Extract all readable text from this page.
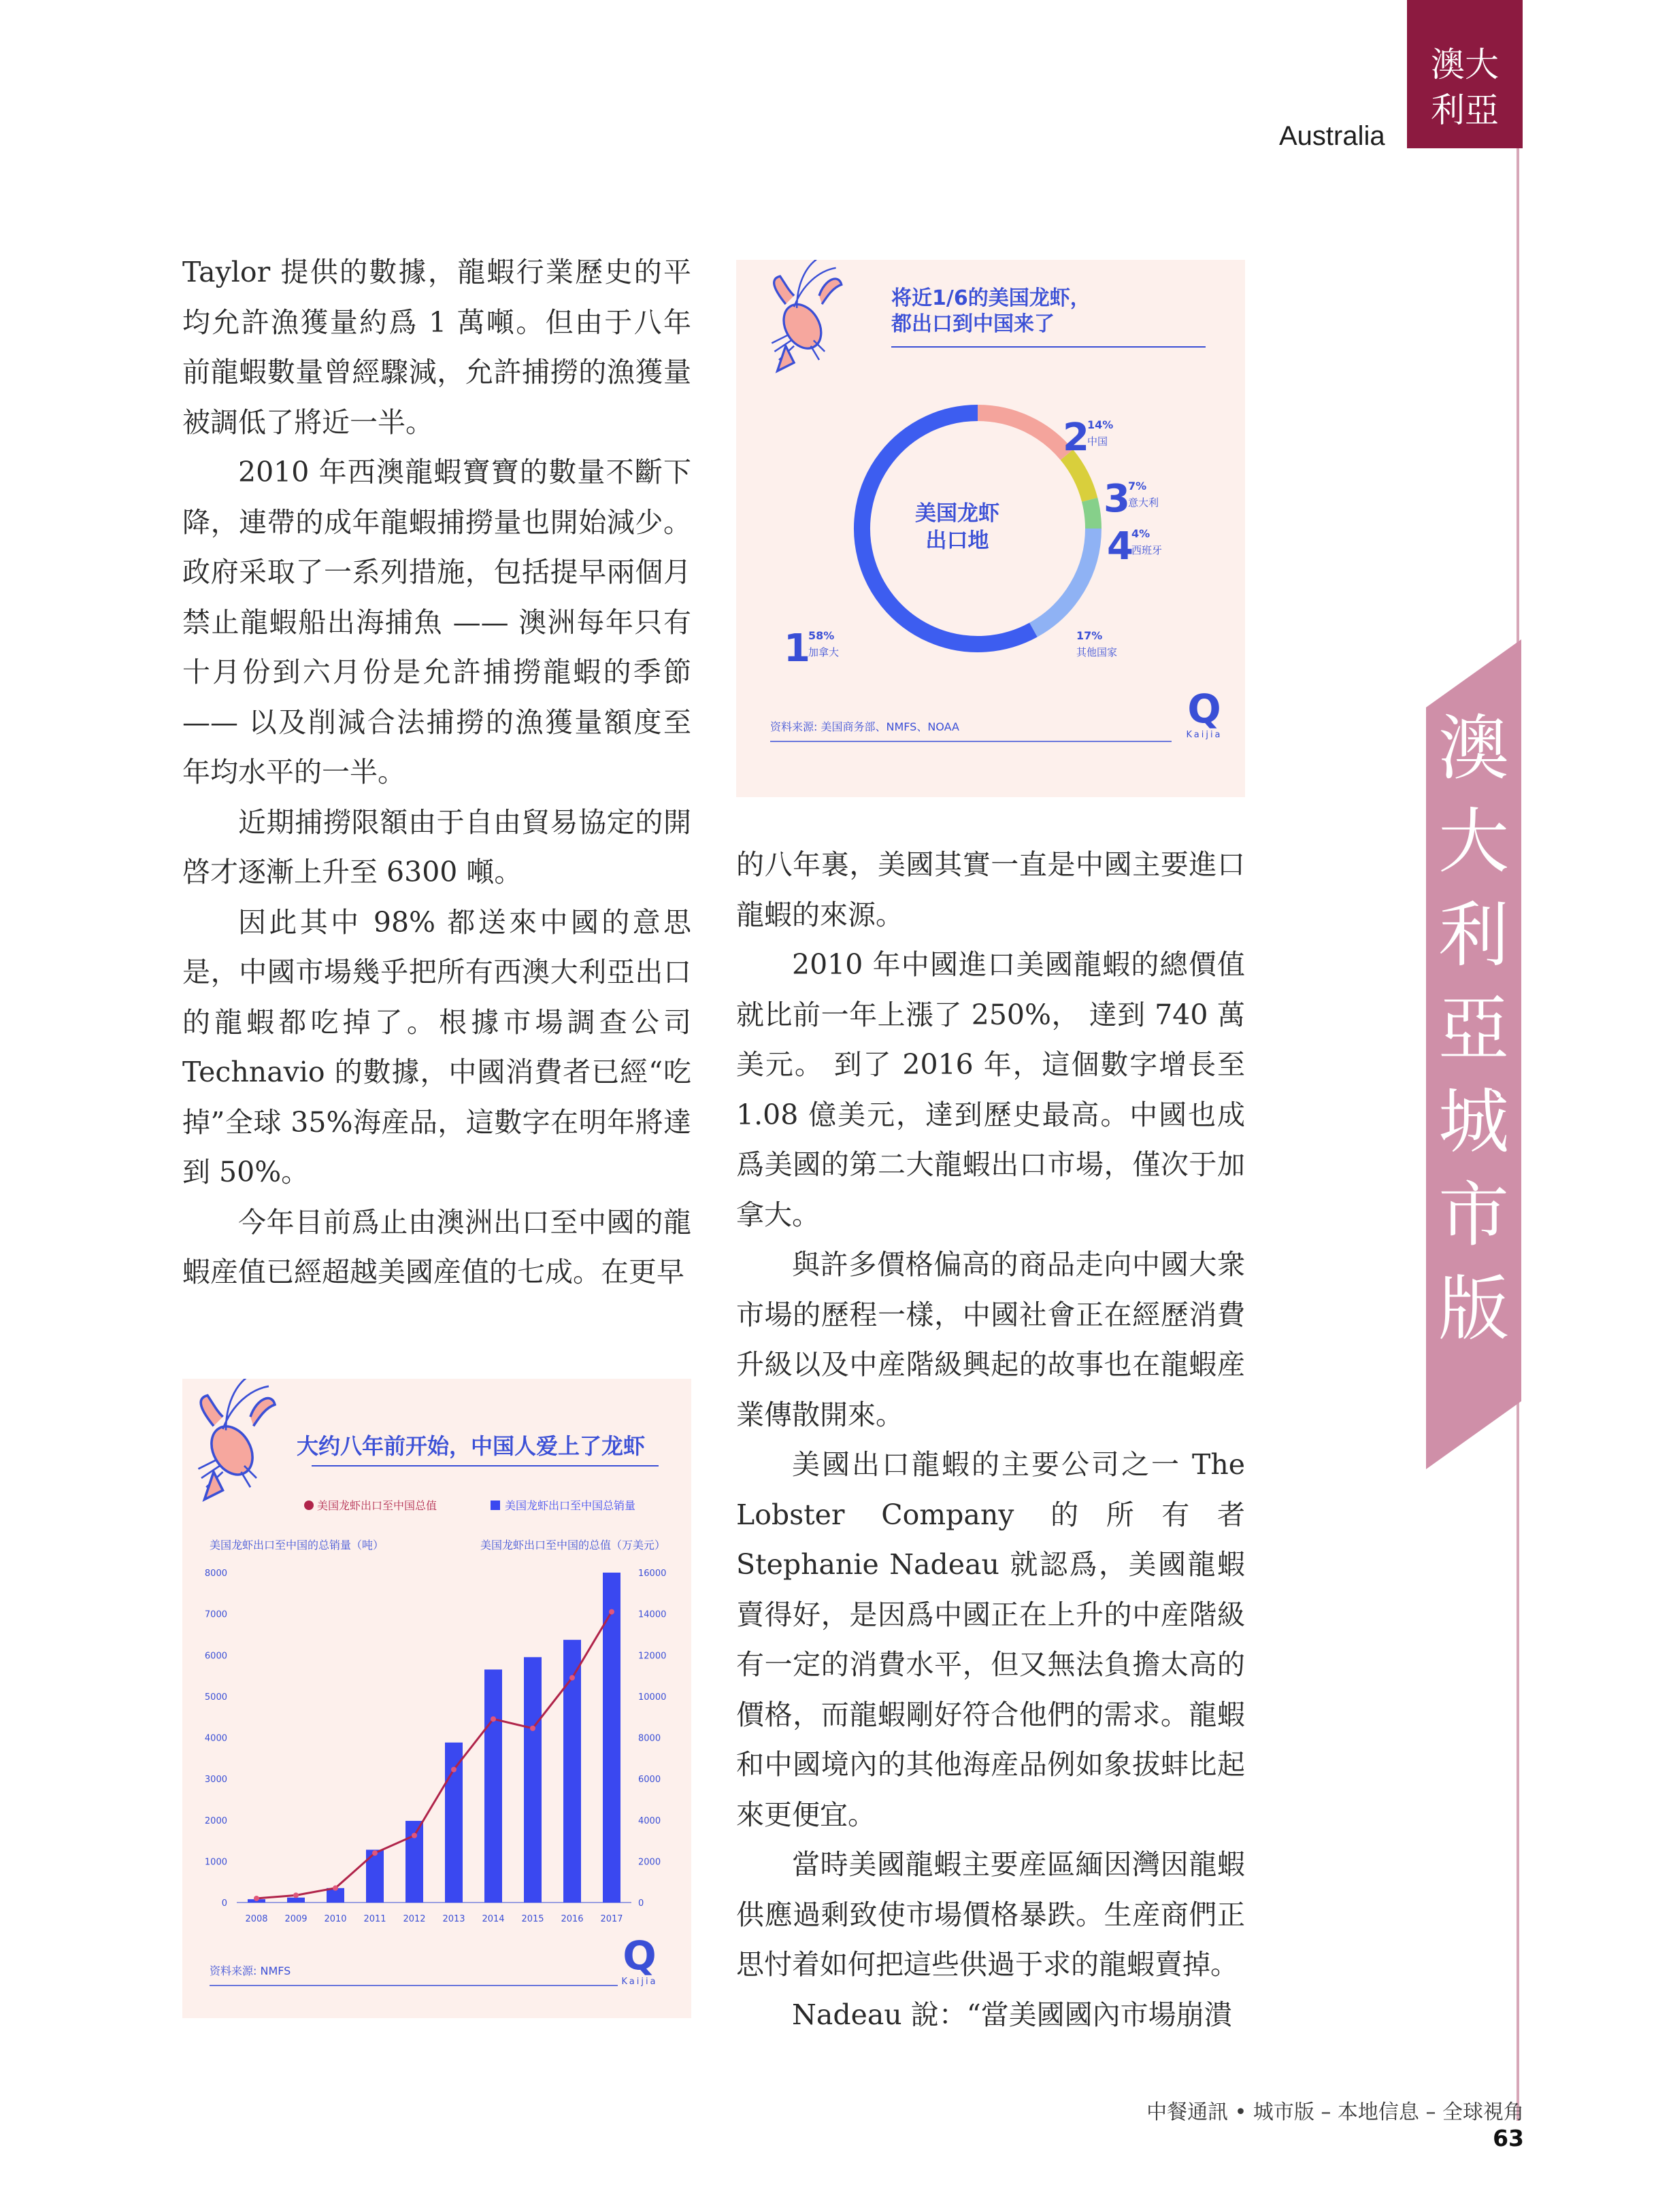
Australia
澳大利亞
澳大利亞城市版

Taylor 提供的數據，龍蝦行業歷史的平均允許漁獲量約爲 1 萬噸。但由于八年前龍蝦數量曾經驟減，允許捕撈的漁獲量被調低了將近一半。

2010 年西澳龍蝦寶寶的數量不斷下降，連帶的成年龍蝦捕撈量也開始減少。政府采取了一系列措施，包括提早兩個月禁止龍蝦船出海捕魚 —— 澳洲每年只有十月份到六月份是允許捕撈龍蝦的季節 —— 以及削減合法捕撈的漁獲量額度至年均水平的一半。

近期捕撈限額由于自由貿易協定的開啓才逐漸上升至 6300 噸。

因此其中 98% 都送來中國的意思是，中國市場幾乎把所有西澳大利亞出口的龍蝦都吃掉了。根據市場調查公司 Technavio 的數據，中國消費者已經“吃掉”全球 35%海産品，這數字在明年將達到 50%。

今年目前爲止由澳洲出口至中國的龍蝦産值已經超越美國産值的七成。在更早

将近1/6的美国龙虾，都出口到中国来了
美国龙虾出口地
1
58%
加拿大
2
14%
中国
3
7%
意大利
4
4%
西班牙
17%
其他国家
资料来源: 美国商务部、NMFS、NOAA	Q
Kaijia

的八年裏，美國其實一直是中國主要進口龍蝦的來源。

2010 年中國進口美國龍蝦的總價值就比前一年上漲了 250%， 達到 740 萬美元。 到了 2016 年，這個數字增長至 1.08 億美元，達到歷史最高。中國也成爲美國的第二大龍蝦出口市場，僅次于加拿大。

與許多價格偏高的商品走向中國大衆市場的歷程一樣，中國社會正在經歷消費升級以及中産階級興起的故事也在龍蝦産業傳散開來。

美國出口龍蝦的主要公司之一 The Lobster Company 的所有者 Stephanie Nadeau 就認爲，美國龍蝦賣得好，是因爲中國正在上升的中産階級有一定的消費水平，但又無法負擔太高的價格，而龍蝦剛好符合他們的需求。龍蝦和中國境內的其他海産品例如象拔蚌比起來更便宜。

當時美國龍蝦主要産區緬因灣因龍蝦供應過剩致使市場價格暴跌。生産商們正思忖着如何把這些供過于求的龍蝦賣掉。

Nadeau 說：“當美國國內市場崩潰

大约八年前开始，中国人爱上了龙虾
美国龙虾出口至中国总值	美国龙虾出口至中国总销量
美国龙虾出口至中国的总销量（吨）	美国龙虾出口至中国的总值（万美元）
0
1000
2000
3000
4000
5000
6000
7000
8000
0
2000
4000
6000
8000
10000
12000
14000
16000
2008 2009 2010 2011 2012 2013 2014 2015 2016 2017
资料来源: NMFS	Q
Kaijia
中餐通訊 • 城市版 – 本地信息 – 全球視角63
